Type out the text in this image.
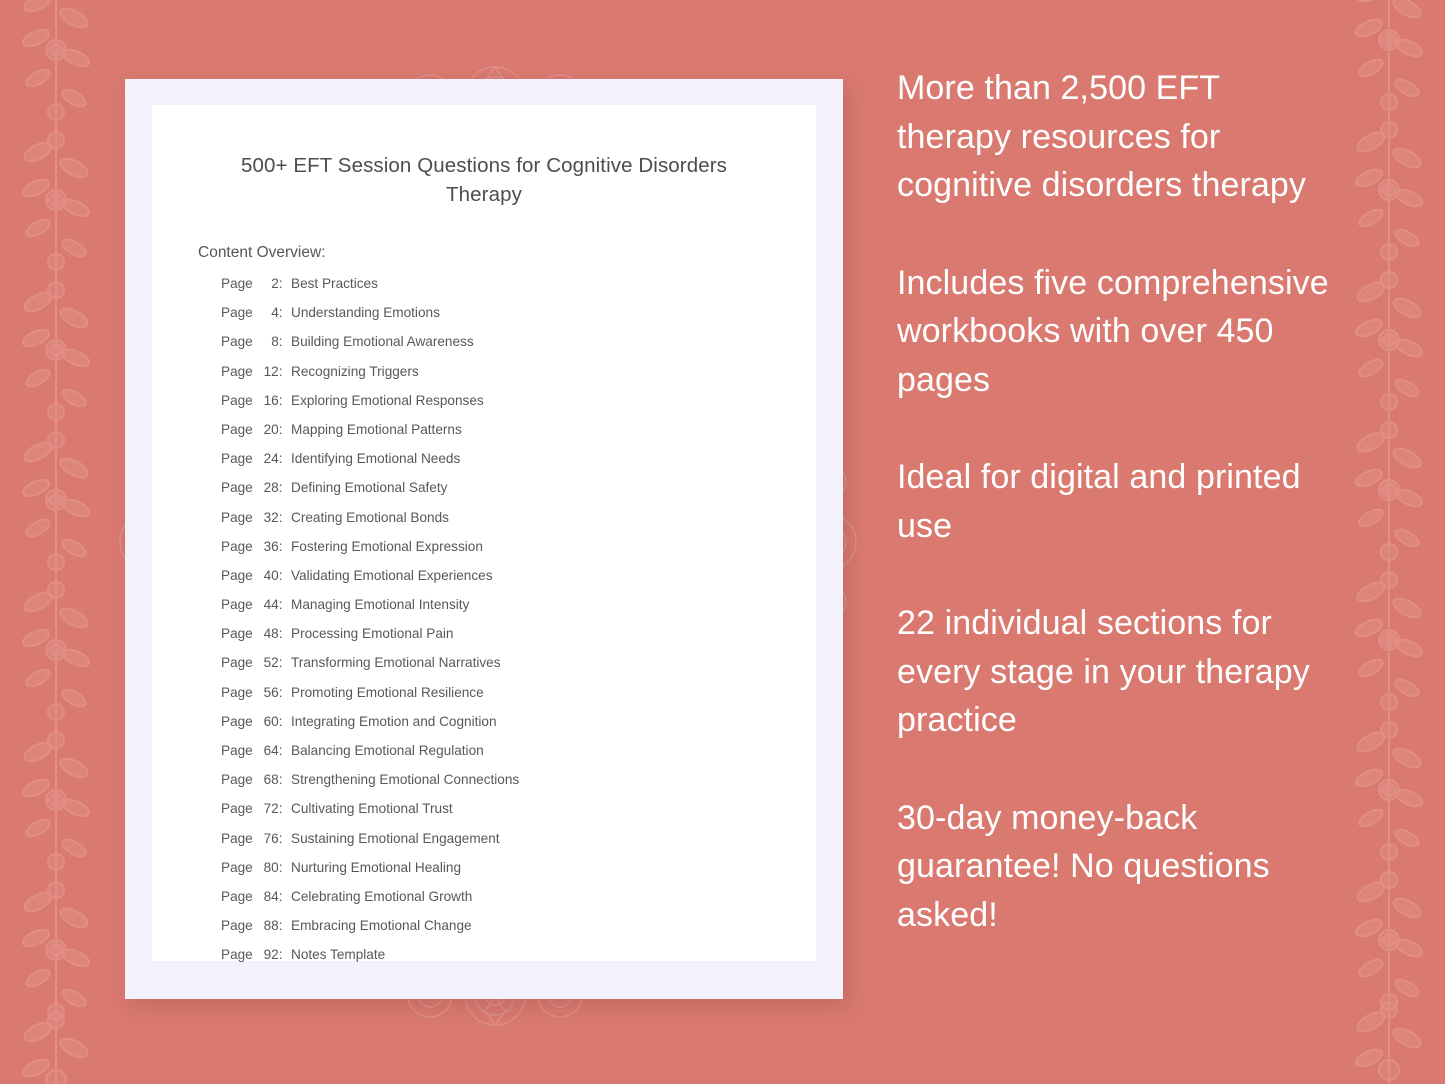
500+ EFT Session Questions for Cognitive Disorders Therapy

Content Overview:

Page 2: Best Practices
Page 4: Understanding Emotions
Page 8: Building Emotional Awareness
Page 12: Recognizing Triggers
Page 16: Exploring Emotional Responses
Page 20: Mapping Emotional Patterns
Page 24: Identifying Emotional Needs
Page 28: Defining Emotional Safety
Page 32: Creating Emotional Bonds
Page 36: Fostering Emotional Expression
Page 40: Validating Emotional Experiences
Page 44: Managing Emotional Intensity
Page 48: Processing Emotional Pain
Page 52: Transforming Emotional Narratives
Page 56: Promoting Emotional Resilience
Page 60: Integrating Emotion and Cognition
Page 64: Balancing Emotional Regulation
Page 68: Strengthening Emotional Connections
Page 72: Cultivating Emotional Trust
Page 76: Sustaining Emotional Engagement
Page 80: Nurturing Emotional Healing
Page 84: Celebrating Emotional Growth
Page 88: Embracing Emotional Change
Page 92: Notes Template

More than 2,500 EFT therapy resources for cognitive disorders therapy

Includes five comprehensive workbooks with over 450 pages

Ideal for digital and printed use

22 individual sections for every stage in your therapy practice

30-day money-back guarantee! No questions asked!
